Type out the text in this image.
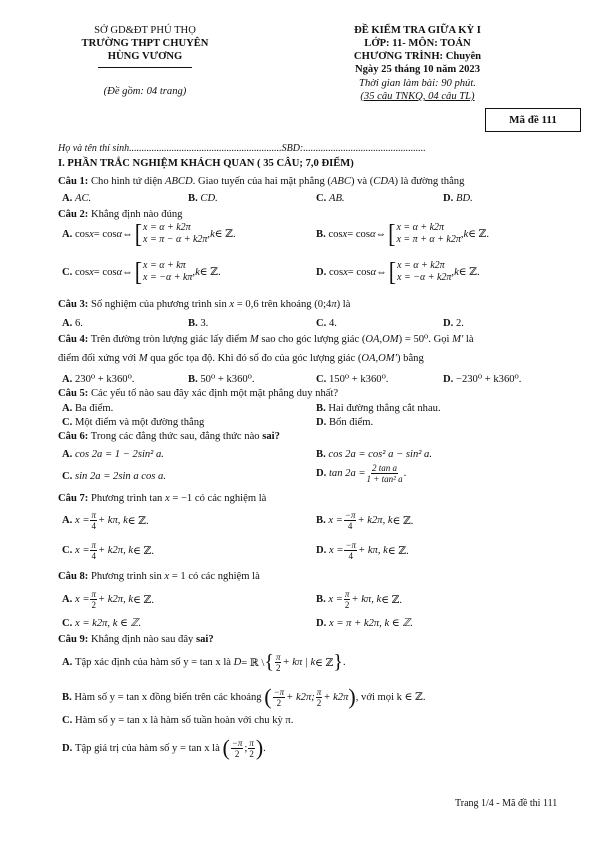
SỞ GD&ĐT PHÚ THỌ
TRƯỜNG THPT CHUYÊN
HÙNG VƯƠNG
(Đề gồm: 04 trang)
ĐỀ KIỂM TRA GIỮA KỲ I
LỚP: 11- MÔN: TOÁN
CHƯƠNG TRÌNH: Chuyên
Ngày 25 tháng 10 năm 2023
Thời gian làm bài: 90 phút.
(35 câu TNKQ, 04 câu TL)
Mã đề 111
Họ và tên thí sinh.............................................................SBD:.................................................
I. PHẦN TRẮC NGHIỆM KHÁCH QUAN ( 35 CÂU; 7,0 ĐIỂM)
Câu 1: Cho hình tứ diện ABCD. Giao tuyến của hai mặt phẳng (ABC) và (CDA) là đường thẳng
A. AC.	B. CD.	C. AB.	D. BD.
Câu 2: Khẳng định nào đúng
A. cos x = cos α ⇔ [ x = α + k2π
x = π − α + k2π , k ∈ ℤ.	B. cos x = cos α ⇔ [ x = α + k2π
x = π + α + k2π , k ∈ ℤ.
C. cos x = cos α ⇔ [ x = α + kπ
x = −α + kπ , k ∈ ℤ.	D. cos x = cos α ⇔ [ x = α + k2π
x = −α + k2π , k ∈ ℤ.
Câu 3: Số nghiệm của phương trình sin x = 0,6 trên khoảng (0;4π) là
A. 6.	B. 3.	C. 4.	D. 2.
Câu 4: Trên đường tròn lượng giác lấy điểm M sao cho góc lượng giác (OA,OM) = 50⁰. Gọi M′ là
điểm đối xứng với M qua gốc tọa độ. Khi đó số đo của góc lượng giác (OA,OM′) bằng
A. 230⁰ + k360⁰.	B. 50⁰ + k360⁰.	C. 150⁰ + k360⁰.	D. −230⁰ + k360⁰.
Câu 5: Các yếu tố nào sau đây xác định một mặt phẳng duy nhất?
A. Ba điểm.	B. Hai đường thẳng cắt nhau.
C. Một điểm và một đường thẳng	D. Bốn điểm.
Câu 6: Trong các đẳng thức sau, đẳng thức nào sai?
A. cos 2a = 1 − 2sin² a.	B. cos 2a = cos² a − sin² a.
C. sin 2a = 2sin a cos a.	D.
$\tan 2a = \frac{\text{2 tan a}}{\text{1 + tan² a}}$ .
Câu 7: Phương trình tan x = −1 có các nghiệm là
A.
$x = \frac{\pi}{4} + k\pi$, k ∈ ℤ.	B.
$x = \frac{-\pi}{4} + k2\pi$, k ∈ ℤ.
C.
$x = \frac{\pi}{4} + k2\pi$, k ∈ ℤ.	D.
$x = \frac{-\pi}{4} + k\pi$, k ∈ ℤ.
Câu 8: Phương trình sin x = 1 có các nghiệm là
A.
$x = \frac{\pi}{2} + k2\pi$, k ∈ ℤ.	B.
$x = \frac{\pi}{2} + k\pi$, k ∈ ℤ.
C. x = k2π, k ∈ ℤ.	D. x = π + k2π, k ∈ ℤ.
Câu 9: Khẳng định nào sau đây sai?
A.
Tập xác định của hàm số y = tan x là
D = ℝ \ { $\frac{\pi}{2} + k\pi$ | k ∈ ℤ } .
B.
Hàm số y = tan x đồng biến trên các khoảng
( $\frac{-\pi}{2} + k2\pi$; $\frac{\pi}{2} + k2\pi$ ) , với mọi k ∈ ℤ.
C. Hàm số y = tan x là hàm số tuần hoàn với chu kỳ π.
D.
Tập giá trị của hàm số y = tan x là
( $\frac{-\pi}{2}$ ; $\frac{\pi}{2}$ ) .
Trang 1/4 - Mã đề thi 111
